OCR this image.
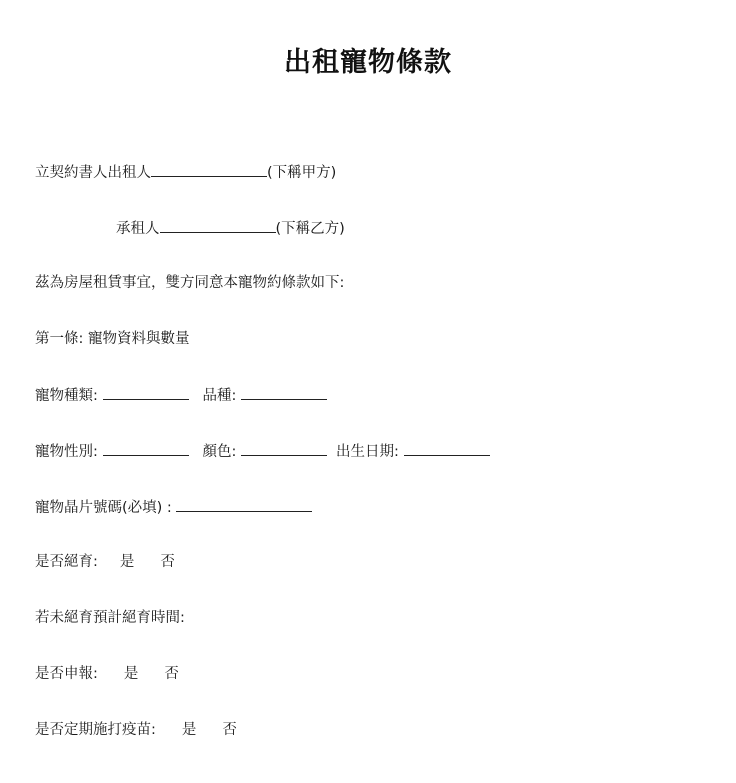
出租寵物條款
立契約書人出租人	(下稱甲方)
承租人	(下稱乙方)
茲為房屋租賃事宜，雙方同意本寵物約條款如下:
第一條: 寵物資料與數量
寵物種類:	品種:
寵物性別:	顏色:	出生日期:
寵物晶片號碼(必填) :
是否絕育: 是 否
若未絕育預計絕育時間:
是否申報: 是 否
是否定期施打疫苗: 是 否
